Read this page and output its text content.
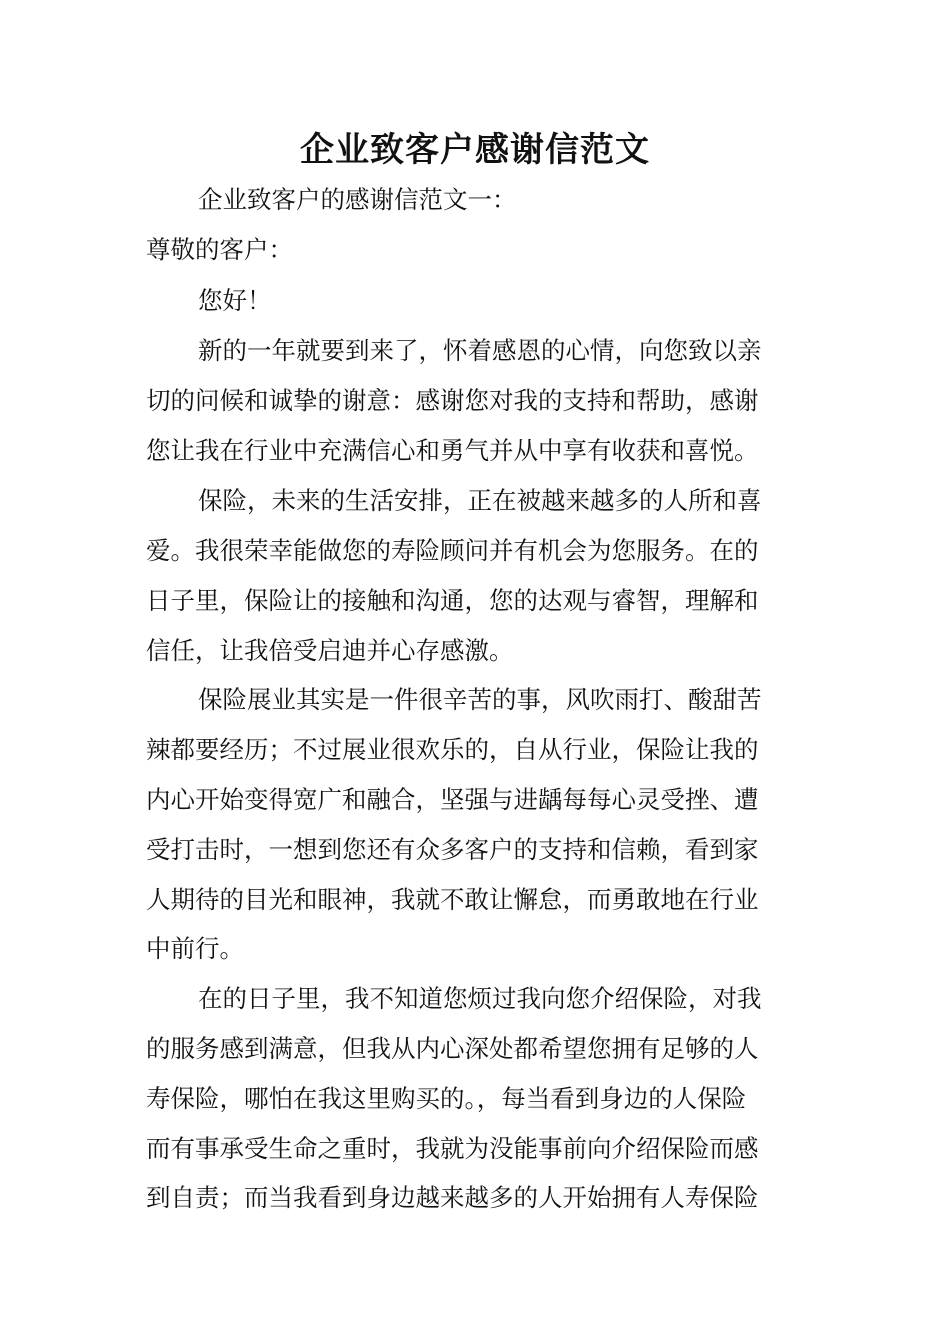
企业致客户感谢信范文
企业致客户的感谢信范文一：
尊敬的客户：
您好！
新的一年就要到来了，怀着感恩的心情，向您致以亲
切的问候和诚挚的谢意：感谢您对我的支持和帮助，感谢
您让我在行业中充满信心和勇气并从中享有收获和喜悦。
保险，未来的生活安排，正在被越来越多的人所和喜
爱。我很荣幸能做您的寿险顾问并有机会为您服务。在的
日子里，保险让的接触和沟通，您的达观与睿智，理解和
信任，让我倍受启迪并心存感激。
保险展业其实是一件很辛苦的事，风吹雨打、酸甜苦
辣都要经历；不过展业很欢乐的，自从行业，保险让我的
内心开始变得宽广和融合，坚强与进龋每每心灵受挫、遭
受打击时，一想到您还有众多客户的支持和信赖，看到家
人期待的目光和眼神，我就不敢让懈怠，而勇敢地在行业
中前行。
在的日子里，我不知道您烦过我向您介绍保险，对我
的服务感到满意，但我从内心深处都希望您拥有足够的人
寿保险，哪怕在我这里购买的。，每当看到身边的人保险
而有事承受生命之重时，我就为没能事前向介绍保险而感
到自责；而当我看到身边越来越多的人开始拥有人寿保险
